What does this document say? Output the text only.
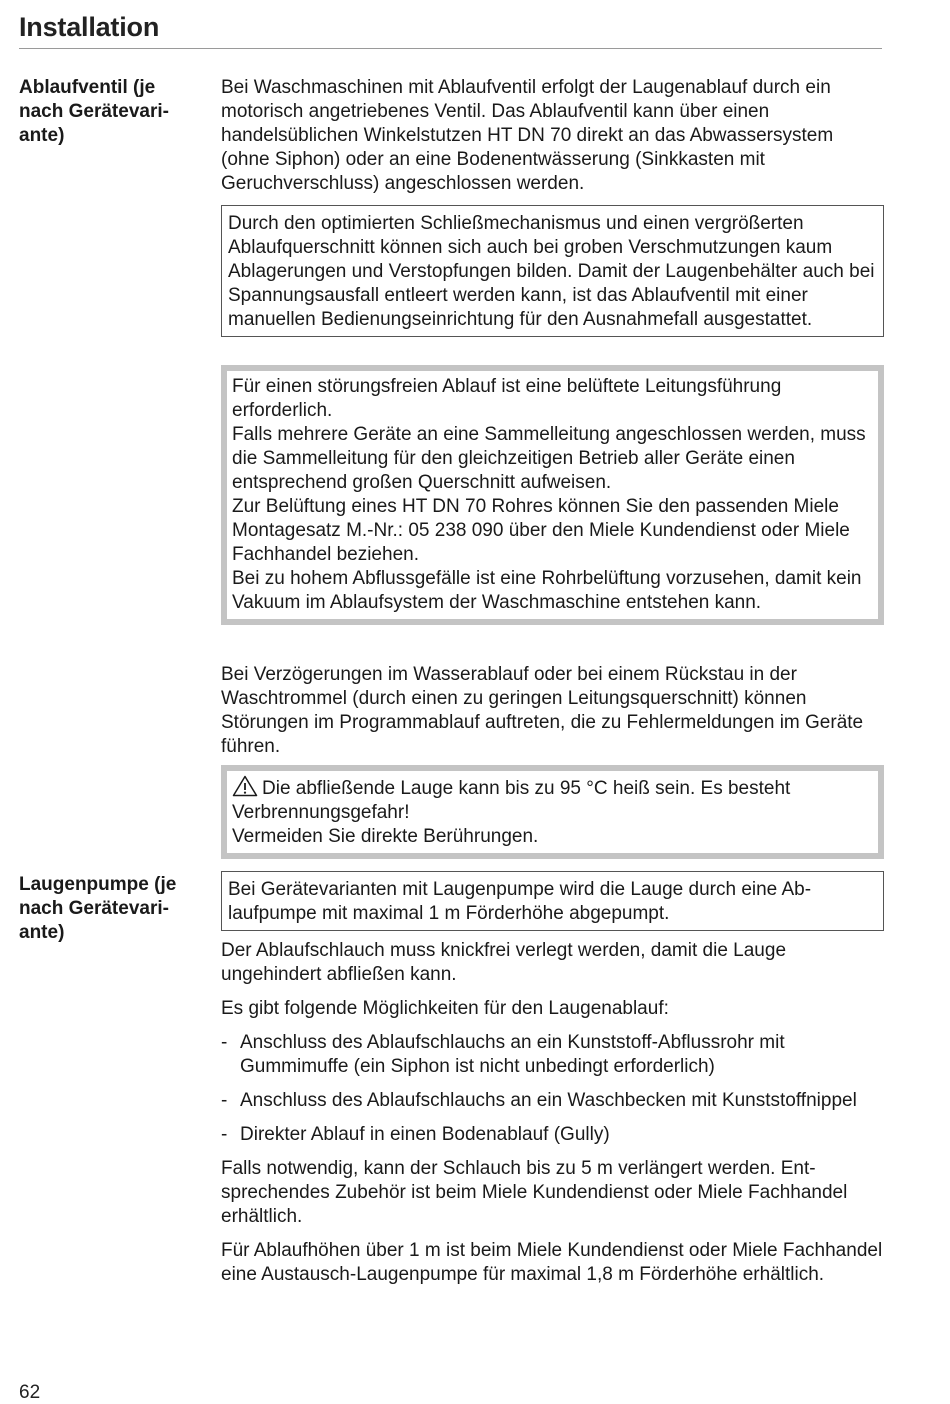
Installation
Ablaufventil (je nach Gerätevariante)

Bei Waschmaschinen mit Ablaufventil erfolgt der Laugenablauf durch ein motorisch angetriebenes Ventil. Das Ablaufventil kann über einen handelsüblichen Winkelstutzen HT DN 70 direkt an das Abwassersystem (ohne Siphon) oder an eine Bodenentwässerung (Sinkkasten mit Geruchverschluss) angeschlossen werden.

Durch den optimierten Schließmechanismus und einen vergrößerten Ablaufquerschnitt können sich auch bei groben Verschmutzungen kaum Ablagerungen und Verstopfungen bilden. Damit der Laugenbehälter auch bei Spannungsausfall entleert werden kann, ist das Ablaufventil mit einer manuellen Bedienungseinrichtung für den Ausnahmefall ausgestattet.

Für einen störungsfreien Ablauf ist eine belüftete Leitungsführung erforderlich.
Falls mehrere Geräte an eine Sammelleitung angeschlossen werden, muss die Sammelleitung für den gleichzeitigen Betrieb aller Geräte einen entsprechend großen Querschnitt aufweisen.
Zur Belüftung eines HT DN 70 Rohres können Sie den passenden Miele Montagesatz M.-Nr.: 05 238 090 über den Miele Kundendienst oder Miele Fachhandel beziehen.
Bei zu hohem Abflussgefälle ist eine Rohrbelüftung vorzusehen, damit kein Vakuum im Ablaufsystem der Waschmaschine entstehen kann.

Bei Verzögerungen im Wasserablauf oder bei einem Rückstau in der Waschtrommel (durch einen zu geringen Leitungsquerschnitt) können Störungen im Programmablauf auftreten, die zu Fehlermeldungen im Geräte führen.

Die abfließende Lauge kann bis zu 95 °C heiß sein. Es besteht Verbrennungsgefahr!
Vermeiden Sie direkte Berührungen.
Laugenpumpe (je nach Gerätevariante)

Bei Gerätevarianten mit Laugenpumpe wird die Lauge durch eine Ablaufpumpe mit maximal 1 m Förderhöhe abgepumpt.

Der Ablaufschlauch muss knickfrei verlegt werden, damit die Lauge ungehindert abfließen kann.

Es gibt folgende Möglichkeiten für den Laugenablauf:

- Anschluss des Ablaufschlauchs an ein Kunststoff-Abflussrohr mit Gummimuffe (ein Siphon ist nicht unbedingt erforderlich)
- Anschluss des Ablaufschlauchs an ein Waschbecken mit Kunststoffnippel
- Direkter Ablauf in einen Bodenablauf (Gully)

Falls notwendig, kann der Schlauch bis zu 5 m verlängert werden. Entsprechendes Zubehör ist beim Miele Kundendienst oder Miele Fachhandel erhältlich.

Für Ablaufhöhen über 1 m ist beim Miele Kundendienst oder Miele Fachhandel eine Austausch-Laugenpumpe für maximal 1,8 m Förderhöhe erhältlich.

62
